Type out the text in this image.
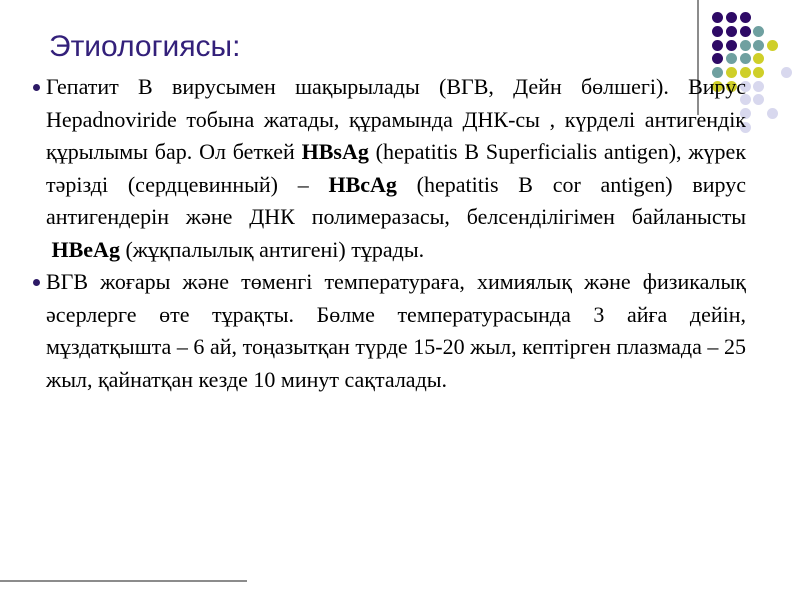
Этиологиясы:
Гепатит В вирусымен шақырылады (ВГВ, Дейн бөлшегі). Вирус Hepadnoviride тобына жатады, құрамында ДНК-сы , күрделі антигендік құрылымы бар. Ол беткей HBsAg (hepatitis B Superficialis antigen), жүрек тәрізді (сердцевинный) – HBcAg (hepatitis B cor antigen) вирус антигендерін және ДНК полимеразасы, белсенділігімен байланысты  HBeAg (жұқпалылық антигені) тұрады.
ВГВ жоғары және төменгі температураға, химиялық және физикалық әсерлерге өте тұрақты. Бөлме температурасында 3 айға дейін, мұздатқышта – 6 ай, тоңазытқан түрде 15-20 жыл, кептірген плазмада – 25 жыл, қайнатқан кезде 10 минут сақталады.
